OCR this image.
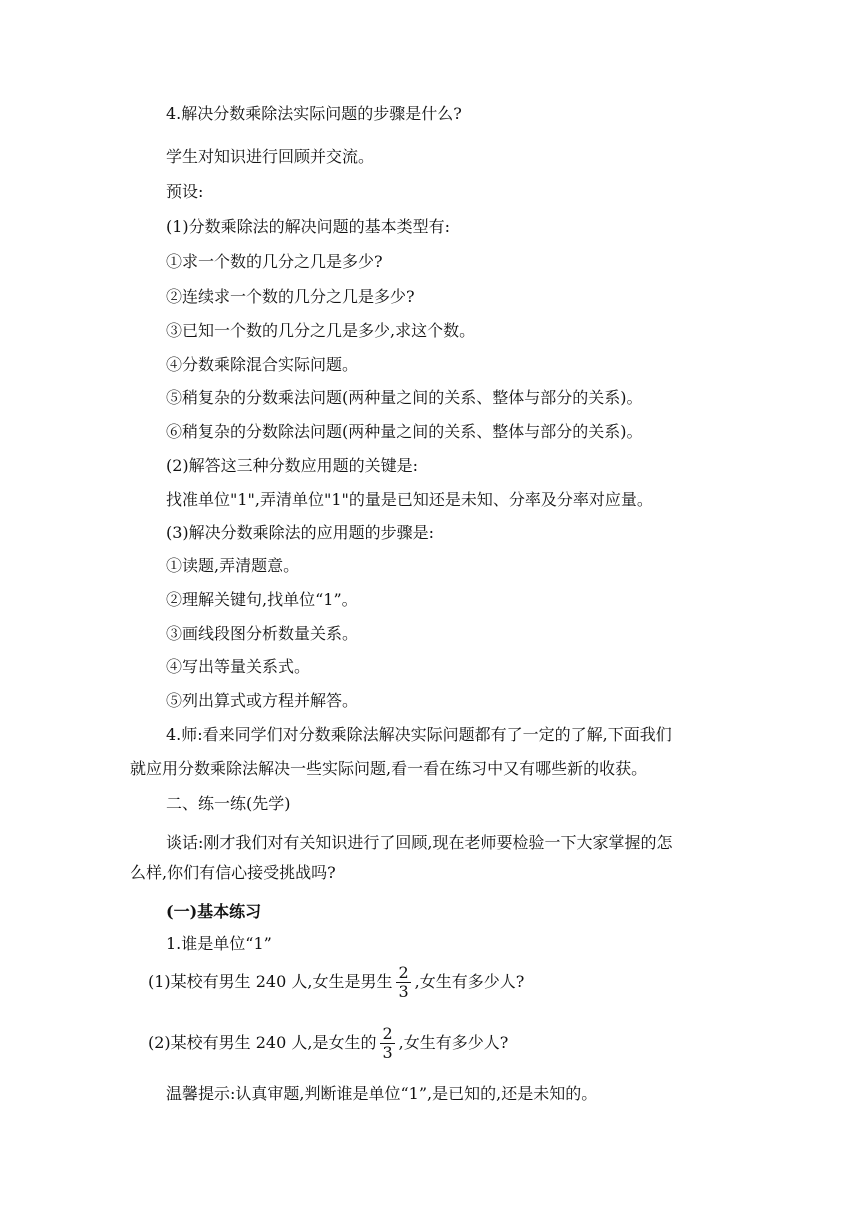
4.解决分数乘除法实际问题的步骤是什么?
学生对知识进行回顾并交流。
预设:
(1)分数乘除法的解决问题的基本类型有:
①求一个数的几分之几是多少?
②连续求一个数的几分之几是多少?
③已知一个数的几分之几是多少,求这个数。
④分数乘除混合实际问题。
⑤稍复杂的分数乘法问题(两种量之间的关系、整体与部分的关系)。
⑥稍复杂的分数除法问题(两种量之间的关系、整体与部分的关系)。
(2)解答这三种分数应用题的关键是:
找准单位"1",弄清单位"1"的量是已知还是未知、分率及分率对应量。
(3)解决分数乘除法的应用题的步骤是:
①读题,弄清题意。
②理解关键句,找单位“1”。
③画线段图分析数量关系。
④写出等量关系式。
⑤列出算式或方程并解答。
4.师:看来同学们对分数乘除法解决实际问题都有了一定的了解,下面我们
就应用分数乘除法解决一些实际问题,看一看在练习中又有哪些新的收获。
二、练一练(先学)
谈话:刚才我们对有关知识进行了回顾,现在老师要检验一下大家掌握的怎
么样,你们有信心接受挑战吗?
(一)基本练习
1.谁是单位“1”
(1)某校有男生 240 人,女生是男生 $\frac{2}{3}$ ,女生有多少人?
(2)某校有男生 240 人,是女生的 $\frac{2}{3}$ ,女生有多少人?
温馨提示:认真审题,判断谁是单位“1”,是已知的,还是未知的。
